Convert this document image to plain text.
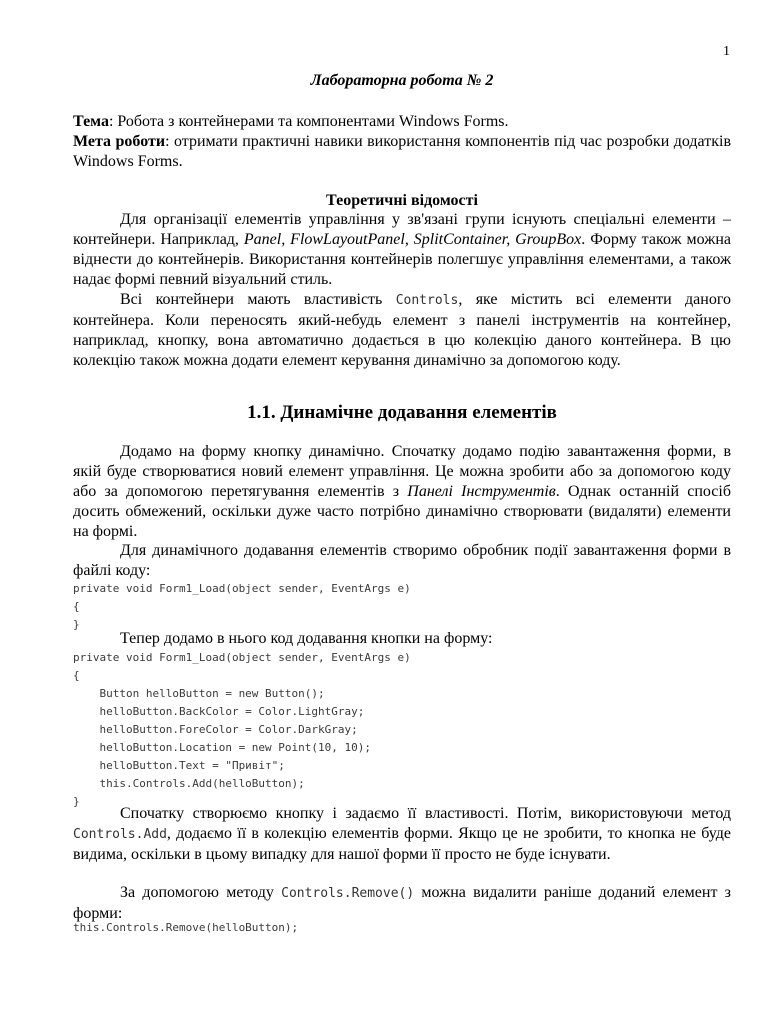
1
Лабораторна робота № 2
Тема: Робота з контейнерами та компонентами Windows Forms.
Мета роботи: отримати практичні навики використання компонентів під час розробки додатків Windows Forms.
Теоретичні відомості
Для організації елементів управління у зв'язані групи існують спеціальні елементи – контейнери. Наприклад, Panel, FlowLayoutPanel, SplitContainer, GroupBox. Форму також можна віднести до контейнерів. Використання контейнерів полегшує управління елементами, а також надає формі певний візуальний стиль.
Всі контейнери мають властивість Controls, яке містить всі елементи даного контейнера. Коли переносять який-небудь елемент з панелі інструментів на контейнер, наприклад, кнопку, вона автоматично додається в цю колекцію даного контейнера. В цю колекцію також можна додати елемент керування динамічно за допомогою коду.
1.1. Динамічне додавання елементів
Додамо на форму кнопку динамічно. Спочатку додамо подію завантаження форми, в якій буде створюватися новий елемент управління. Це можна зробити або за допомогою коду або за допомогою перетягування елементів з Панелі Інструментів. Однак останній спосіб досить обмежений, оскільки дуже часто потрібно динамічно створювати (видаляти) елементи на формі.
Для динамічного додавання елементів створимо обробник події завантаження форми в файлі коду:
private void Form1_Load(object sender, EventArgs e)
{
}
Тепер додамо в нього код додавання кнопки на форму:
private void Form1_Load(object sender, EventArgs e)
{
Button helloButton = new Button();
helloButton.BackColor = Color.LightGray;
helloButton.ForeColor = Color.DarkGray;
helloButton.Location = new Point(10, 10);
helloButton.Text = "Привіт";
this.Controls.Add(helloButton);
}
Спочатку створюємо кнопку і задаємо її властивості. Потім, використовуючи метод Controls.Add, додаємо її в колекцію елементів форми. Якщо це не зробити, то кнопка не буде видима, оскільки в цьому випадку для нашої форми її просто не буде існувати.
За допомогою методу Controls.Remove() можна видалити раніше доданий елемент з форми:
this.Controls.Remove(helloButton);
